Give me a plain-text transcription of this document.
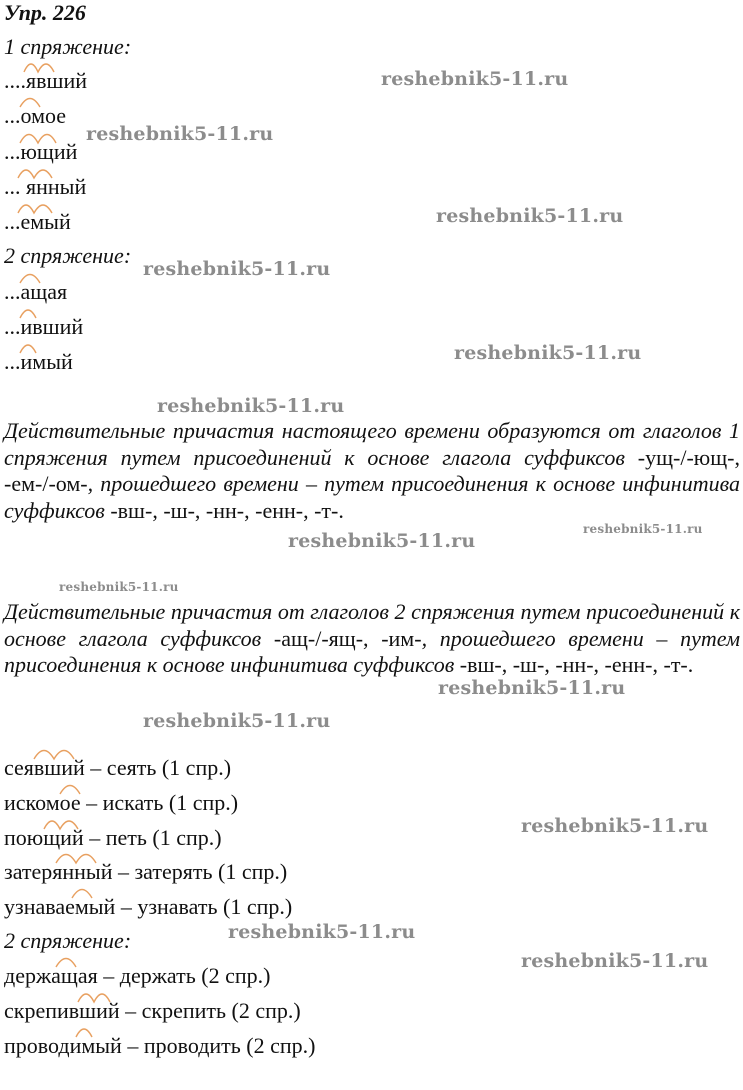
Упр. 226
1 спряжение:
....явший
...омое
...ющий
... янный
...емый
2 спряжение:
...ащая
...ивший
...имый
Действительные причастия настоящего времени образуются от глаголов 1 спряжения путем присоединений к основе глагола суффиксов -ущ-/-ющ-, -ем-/-ом-, прошедшего времени – путем присоединения к основе инфинитива суффиксов -вш-, -ш-, -нн-, -енн-, -т-.
Действительные причастия от глаголов 2 спряжения путем присоединений к основе глагола суффиксов -ащ-/-ящ-, -им-, прошедшего времени – путем присоединения к основе инфинитива суффиксов -вш-, -ш-, -нн-, -енн-, -т-.
сеявший – сеять (1 спр.)
искомое – искать (1 спр.)
поющий – петь (1 спр.)
затерянный – затерять (1 спр.)
узнаваемый – узнавать (1 спр.)
2 спряжение:
держащая – держать (2 спр.)
скрепивший – скрепить (2 спр.)
проводимый – проводить (2 спр.)
reshebnik5-11.ru
reshebnik5-11.ru
reshebnik5-11.ru
reshebnik5-11.ru
reshebnik5-11.ru
reshebnik5-11.ru
reshebnik5-11.ru
reshebnik5-11.ru
reshebnik5-11.ru
reshebnik5-11.ru
reshebnik5-11.ru
reshebnik5-11.ru
reshebnik5-11.ru
reshebnik5-11.ru
